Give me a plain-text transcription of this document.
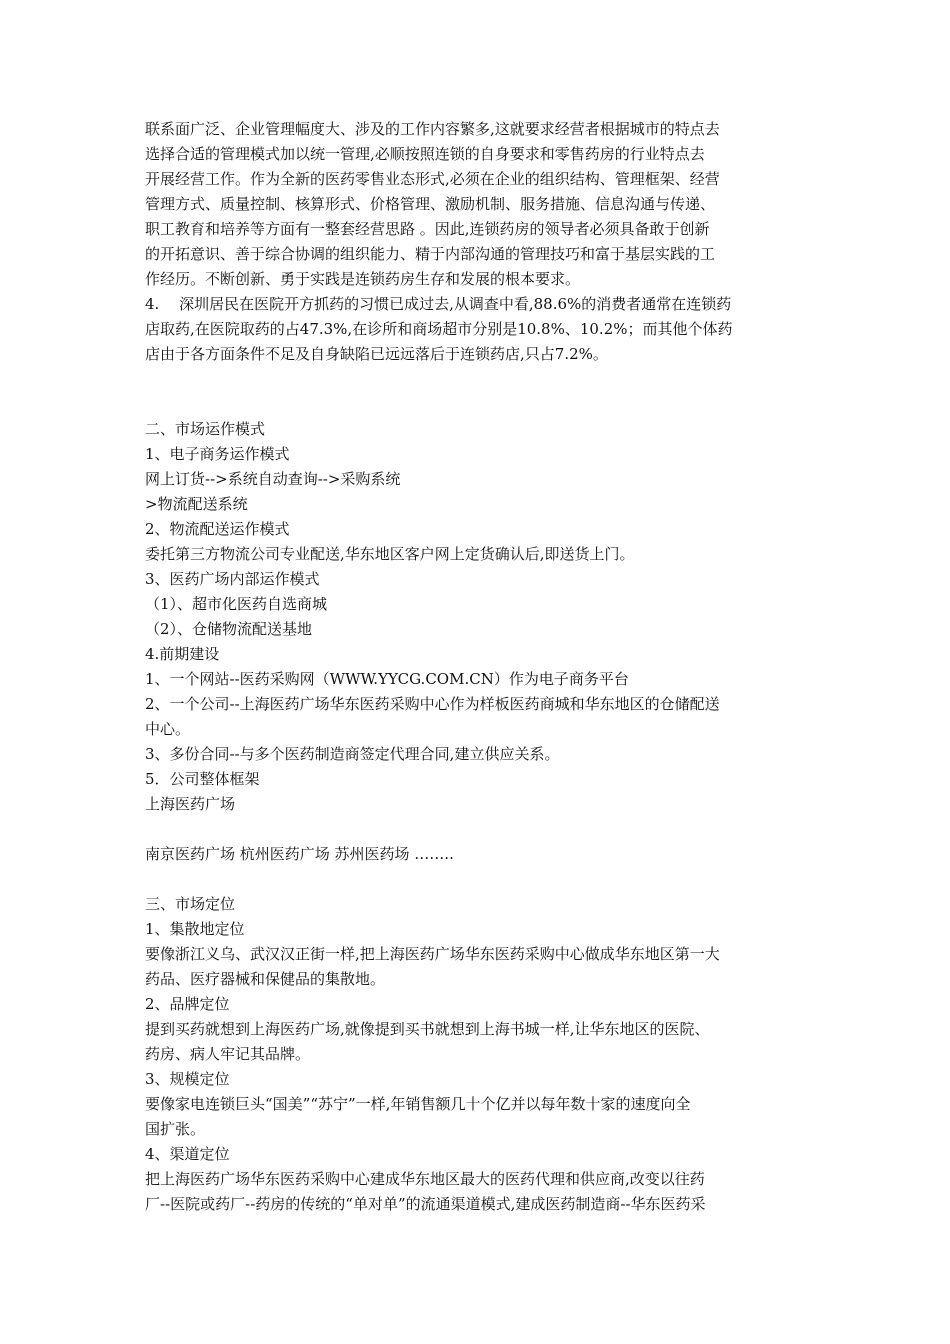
联系面广泛、企业管理幅度大、涉及的工作内容繁多,这就要求经营者根据城市的特点去
选择合适的管理模式加以统一管理,必顺按照连锁的自身要求和零售药房的行业特点去
开展经营工作。作为全新的医药零售业态形式,必须在企业的组织结构、管理框架、经营
管理方式、质量控制、核算形式、价格管理、激励机制、服务措施、信息沟通与传递、
职工教育和培养等方面有一整套经营思路 。因此,连锁药房的领导者必须具备敢于创新
的开拓意识、善于综合协调的组织能力、精于内部沟通的管理技巧和富于基层实践的工
作经历。不断创新、勇于实践是连锁药房生存和发展的根本要求。
4.　 深圳居民在医院开方抓药的习惯已成过去,从调查中看,88.6%的消费者通常在连锁药
店取药,在医院取药的占47.3%,在诊所和商场超市分别是10.8%、10.2%；而其他个体药
店由于各方面条件不足及自身缺陷已远远落后于连锁药店,只占7.2%。
二、市场运作模式
1、电子商务运作模式
网上订货-->系统自动查询-->采购系统
>物流配送系统
2、物流配送运作模式
委托第三方物流公司专业配送,华东地区客户网上定货确认后,即送货上门。
3、医药广场内部运作模式
（1）、超市化医药自选商城
（2）、仓储物流配送基地
4.前期建设
1、一个网站--医药采购网（WWW.YYCG.COM.CN）作为电子商务平台
2、一个公司--上海医药广场华东医药采购中心作为样板医药商城和华东地区的仓储配送
中心。
3、多份合同--与多个医药制造商签定代理合同,建立供应关系。
5．公司整体框架
上海医药广场
南京医药广场 杭州医药广场 苏州医药场 ……..
三、市场定位
1、集散地定位
要像浙江义乌、武汉汉正街一样,把上海医药广场华东医药采购中心做成华东地区第一大
药品、医疗器械和保健品的集散地。
2、品牌定位
提到买药就想到上海医药广场,就像提到买书就想到上海书城一样,让华东地区的医院、
药房、病人牢记其品牌。
3、规模定位
要像家电连锁巨头“国美”“苏宁”一样,年销售额几十个亿并以每年数十家的速度向全
国扩张。
4、渠道定位
把上海医药广场华东医药采购中心建成华东地区最大的医药代理和供应商,改变以往药
厂--医院或药厂--药房的传统的“单对单”的流通渠道模式,建成医药制造商--华东医药采
